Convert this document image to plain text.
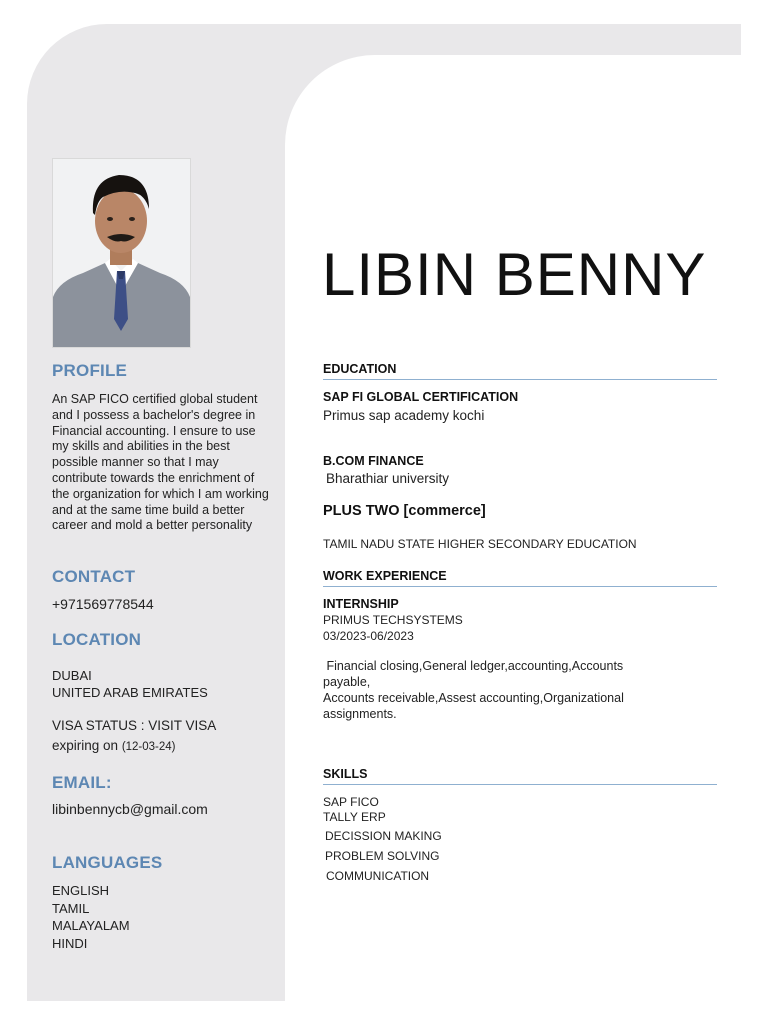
PROFILE

An SAP FICO certified global student and I possess a bachelor's degree in Financial accounting. I ensure to use my skills and abilities in the best possible manner so that I may contribute towards the enrichment of the organization for which I am working and at the same time build a better career and mold a better personality

CONTACT

+971569778544

LOCATION

DUBAI

UNITED ARAB EMIRATES

VISA STATUS : VISIT VISA

expiring on (12-03-24)

EMAIL:

libinbennycb@gmail.com

LANGUAGES
ENGLISH
TAMIL
MALAYALAM
HINDI
LIBIN BENNY
EDUCATION

SAP FI GLOBAL CERTIFICATION

Primus sap academy kochi

B.COM FINANCE

Bharathiar university

PLUS TWO [commerce]

TAMIL NADU STATE HIGHER SECONDARY EDUCATION

WORK EXPERIENCE

INTERNSHIP

PRIMUS TECHSYSTEMS

03/2023-06/2023

Financial closing,General ledger,accounting,Accounts

payable,

Accounts receivable,Assest accounting,Organizational

assignments.

SKILLS

SAP FICO

TALLY ERP

DECISSION MAKING

PROBLEM SOLVING

COMMUNICATION
